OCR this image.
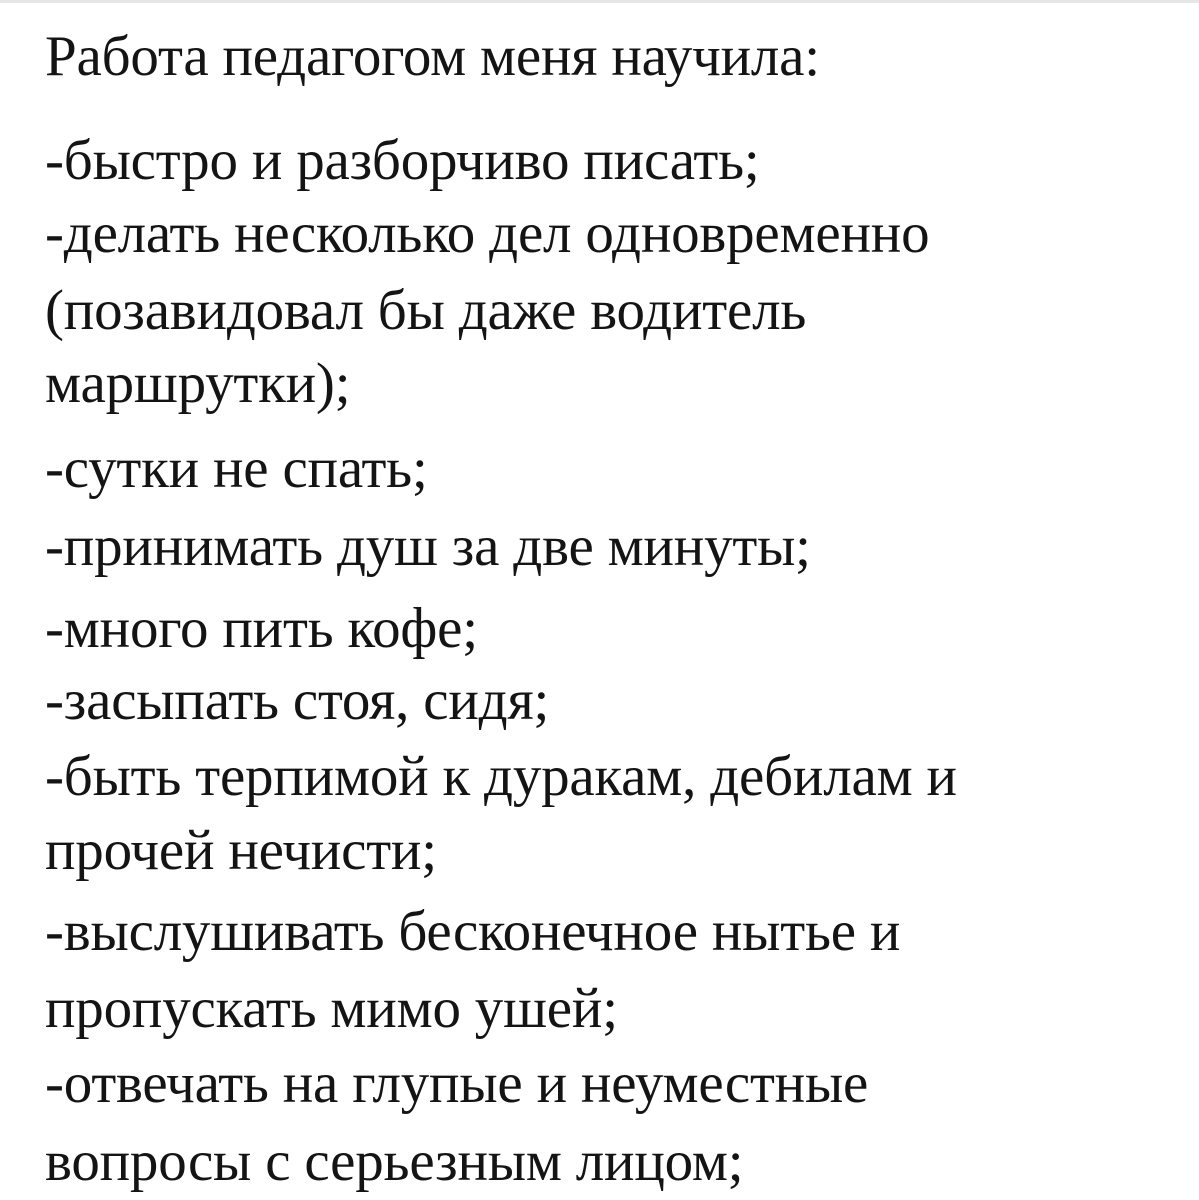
Работа педагогом меня научила:

-быстро и разборчиво писать;

-делать несколько дел одновременно

(позавидовал бы даже водитель

маршрутки);

-сутки не спать;

-принимать душ за две минуты;

-много пить кофе;

-засыпать стоя, сидя;

-быть терпимой к дуракам, дебилам и

прочей нечисти;

-выслушивать бесконечное нытье и

пропускать мимо ушей;

-отвечать на глупые и неуместные

вопросы с серьезным лицом;
